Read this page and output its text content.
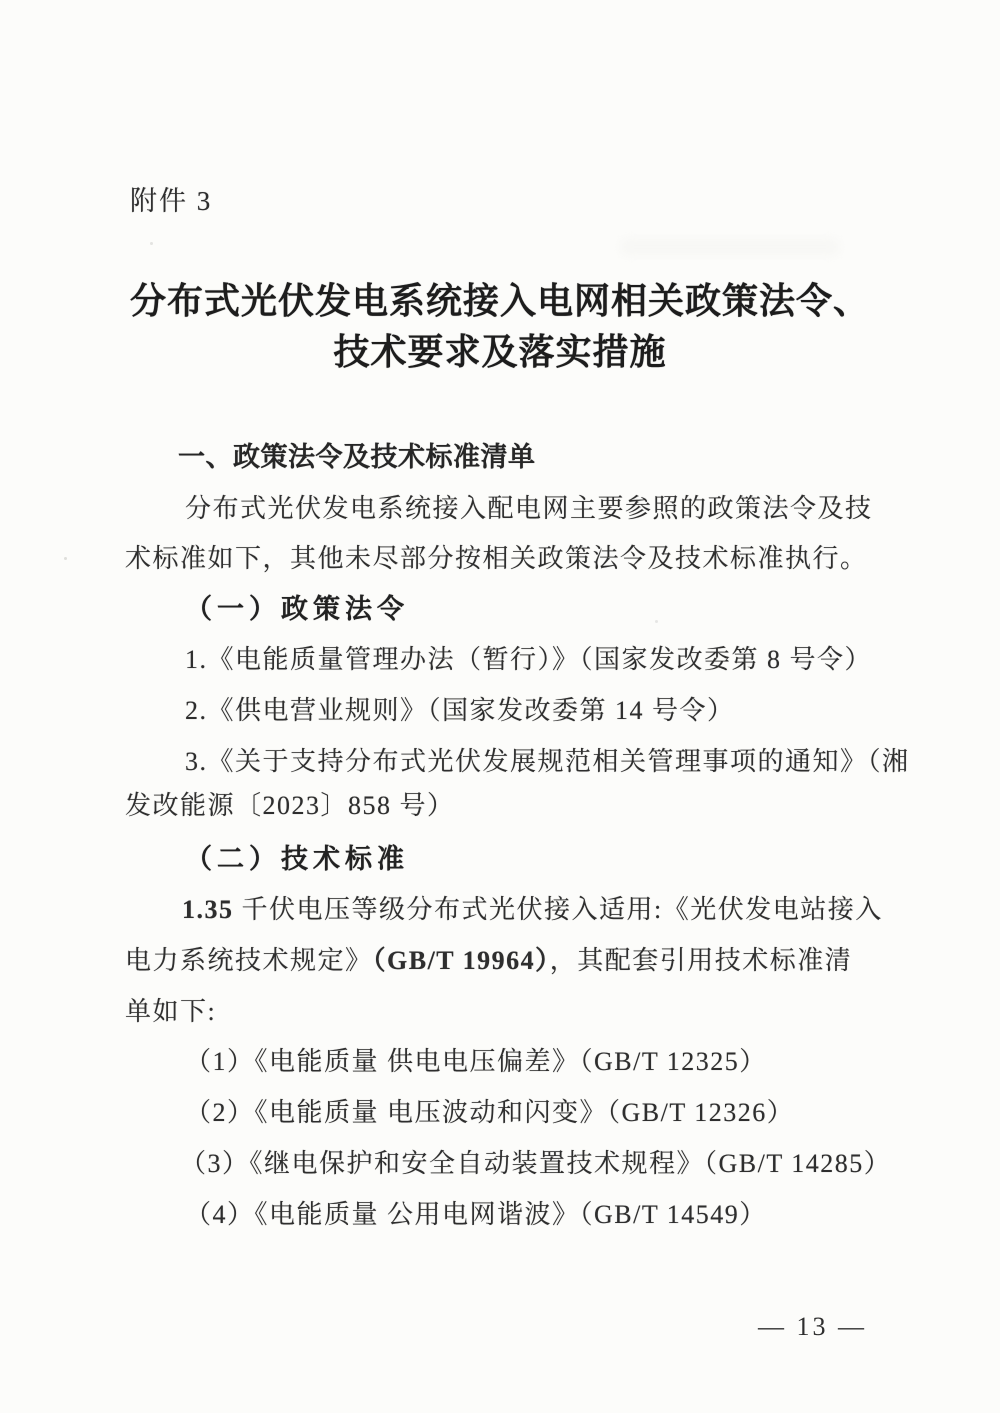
附件 3
分布式光伏发电系统接入电网相关政策法令、
技术要求及落实措施
一、政策法令及技术标准清单
分布式光伏发电系统接入配电网主要参照的政策法令及技
术标准如下，其他未尽部分按相关政策法令及技术标准执行。
（一）政策法令
1.《电能质量管理办法（暂行）》（国家发改委第 8 号令）
2.《供电营业规则》（国家发改委第 14 号令）
3.《关于支持分布式光伏发展规范相关管理事项的通知》（湘
发改能源〔2023〕858 号）
（二）技术标准
1.35 千伏电压等级分布式光伏接入适用:《光伏发电站接入
电力系统技术规定》（GB/T 19964），其配套引用技术标准清
单如下:
（1）《电能质量 供电电压偏差》（GB/T 12325）
（2）《电能质量 电压波动和闪变》（GB/T 12326）
（3）《继电保护和安全自动装置技术规程》（GB/T 14285）
（4）《电能质量 公用电网谐波》（GB/T 14549）
— 13 —
